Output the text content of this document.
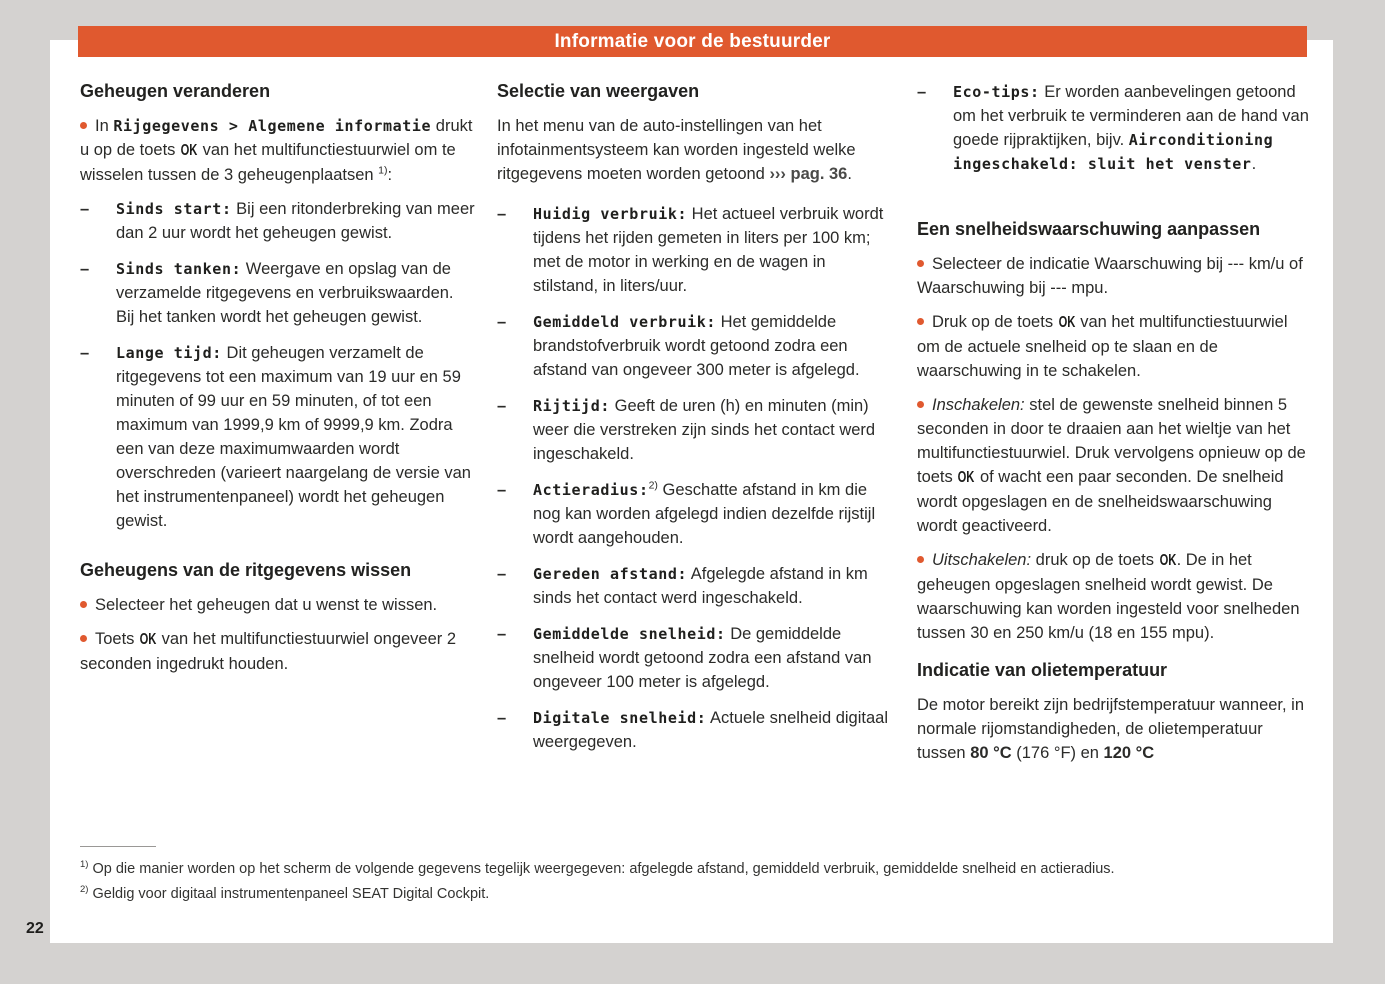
Informatie voor de bestuurder
Geheugen veranderen

In Rijgegevens > Algemene informatie drukt u op de toets OK van het multifunctiestuurwiel om te wisselen tussen de 3 geheugenplaatsen $^{1)}$:

–	Sinds start: Bij een ritonderbreking van meer dan 2 uur wordt het geheugen gewist.
–	Sinds tanken: Weergave en opslag van de verzamelde ritgegevens en verbruikswaarden. Bij het tanken wordt het geheugen gewist.
–	Lange tijd: Dit geheugen verzamelt de ritgegevens tot een maximum van 19 uur en 59 minuten of 99 uur en 59 minuten, of tot een maximum van 1999,9 km of 9999,9 km. Zodra een van deze maximumwaarden wordt overschreden (varieert naargelang de versie van het instrumentenpaneel) wordt het geheugen gewist.
Geheugens van de ritgegevens wissen

Selecteer het geheugen dat u wenst te wissen.

Toets OK van het multifunctiestuurwiel ongeveer 2 seconden ingedrukt houden.

Selectie van weergaven

In het menu van de auto-instellingen van het infotainmentsysteem kan worden ingesteld welke ritgegevens moeten worden getoond ››› pag. 36.

–	Huidig verbruik: Het actueel verbruik wordt tijdens het rijden gemeten in liters per 100 km; met de motor in werking en de wagen in stilstand, in liters/uur.
–	Gemiddeld verbruik: Het gemiddelde brandstofverbruik wordt getoond zodra een afstand van ongeveer 300 meter is afgelegd.
–	Rijtijd: Geeft de uren (h) en minuten (min) weer die verstreken zijn sinds het contact werd ingeschakeld.
–	Actieradius:$^{2)}$ Geschatte afstand in km die nog kan worden afgelegd indien dezelfde rijstijl wordt aangehouden.
–	Gereden afstand: Afgelegde afstand in km sinds het contact werd ingeschakeld.
–	Gemiddelde snelheid: De gemiddelde snelheid wordt getoond zodra een afstand van ongeveer 100 meter is afgelegd.
–	Digitale snelheid: Actuele snelheid digitaal weergegeven.
–	Eco-tips: Er worden aanbevelingen getoond om het verbruik te verminderen aan de hand van goede rijpraktijken, bijv. Airconditioning ingeschakeld: sluit het venster.
Een snelheidswaarschuwing aanpassen

Selecteer de indicatie Waarschuwing bij --- km/u of Waarschuwing bij --- mpu.

Druk op de toets OK van het multifunctiestuurwiel om de actuele snelheid op te slaan en de waarschuwing in te schakelen.

Inschakelen: stel de gewenste snelheid binnen 5 seconden in door te draaien aan het wieltje van het multifunctiestuurwiel. Druk vervolgens opnieuw op de toets OK of wacht een paar seconden. De snelheid wordt opgeslagen en de snelheidswaarschuwing wordt geactiveerd.

Uitschakelen: druk op de toets OK. De in het geheugen opgeslagen snelheid wordt gewist. De waarschuwing kan worden ingesteld voor snelheden tussen 30 en 250 km/u (18 en 155 mpu).

Indicatie van olietemperatuur

De motor bereikt zijn bedrijfstemperatuur wanneer, in normale rijomstandigheden, de olietemperatuur tussen 80 °C (176 °F) en 120 °C

$^{1)}$ Op die manier worden op het scherm de volgende gegevens tegelijk weergegeven: afgelegde afstand, gemiddeld verbruik, gemiddelde snelheid en actieradius.

$^{2)}$ Geldig voor digitaal instrumentenpaneel SEAT Digital Cockpit.

22
